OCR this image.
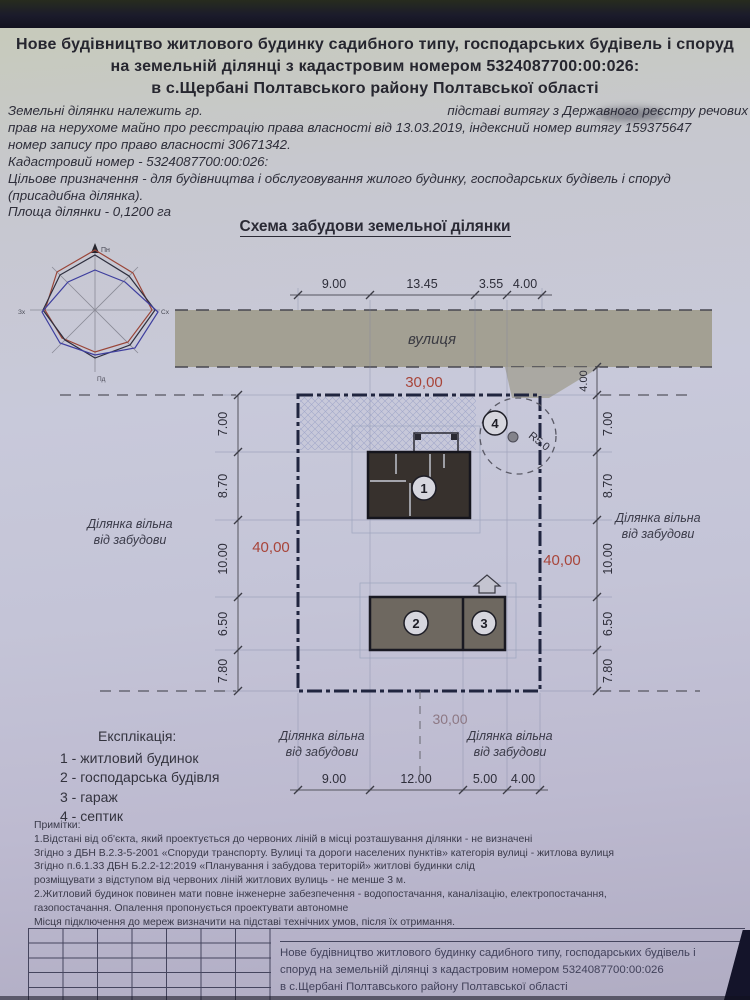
Нове будівництво житлового будинку садибного типу, господарських будівель і споруд
на земельній ділянці з кадастровим номером 5324087700:00:026:
в с.Щербані Полтавського району Полтавської області
Земельні ділянки належить гр.	підставі витягу з Державного реєстру речових
прав на нерухоме майно про реєстрацію права власності від 13.03.2019, індексний номер витягу 159375647
номер запису про право власності 30671342.
Кадастровий номер - 5324087700:00:026:
Цільове призначення - для будівництва і обслуговування жилого будинку, господарських будівель і споруд
(присадибна ділянка).
Площа ділянки - 0,1200 га
Схема забудови земельної ділянки
Пн
Сх
Пд
Зх
вулиця
9.00	13.45	3.55 4.00
30,00
7.00
8.70
10.00
6.50
7.80
4.00
7.00
8.70
10.00
6.50
7.80
40,00
40,00
Ділянка вільна
від забудови
Ділянка вільна
від забудови
Ділянка вільна
від забудови
Ділянка вільна
від забудови
1
R5.0
4
2	3
30,00
9.00	12.00	5.00 4.00
Експлікація:
1 - житловий будинок
2 - господарська будівля
3 - гараж
4 - септик
Примітки:
1.Відстані від об'єкта, який проектується до червоних ліній в місці розташування ділянки - не визначені
Згідно з ДБН В.2.3-5-2001 «Споруди транспорту. Вулиці та дороги населених пунктів» категорія вулиці - житлова вулиця
Згідно п.6.1.33 ДБН Б.2.2-12:2019 «Планування і забудова територій» житлові будинки слід
розміщувати з відступом від червоних ліній житлових вулиць - не менше 3 м.
2.Житловий будинок повинен мати повне інженерне забезпечення - водопостачання, каналізацію, електропостачання,
газопостачання. Опалення пропонується проектувати автономне
Місця підключення до мереж визначити на підставі технічних умов, після їх отримання.
Нове будівництво житлового будинку садибного типу, господарських будівель і
споруд на земельній ділянці з кадастровим номером 5324087700:00:026
в с.Щербані Полтавського району Полтавської області
